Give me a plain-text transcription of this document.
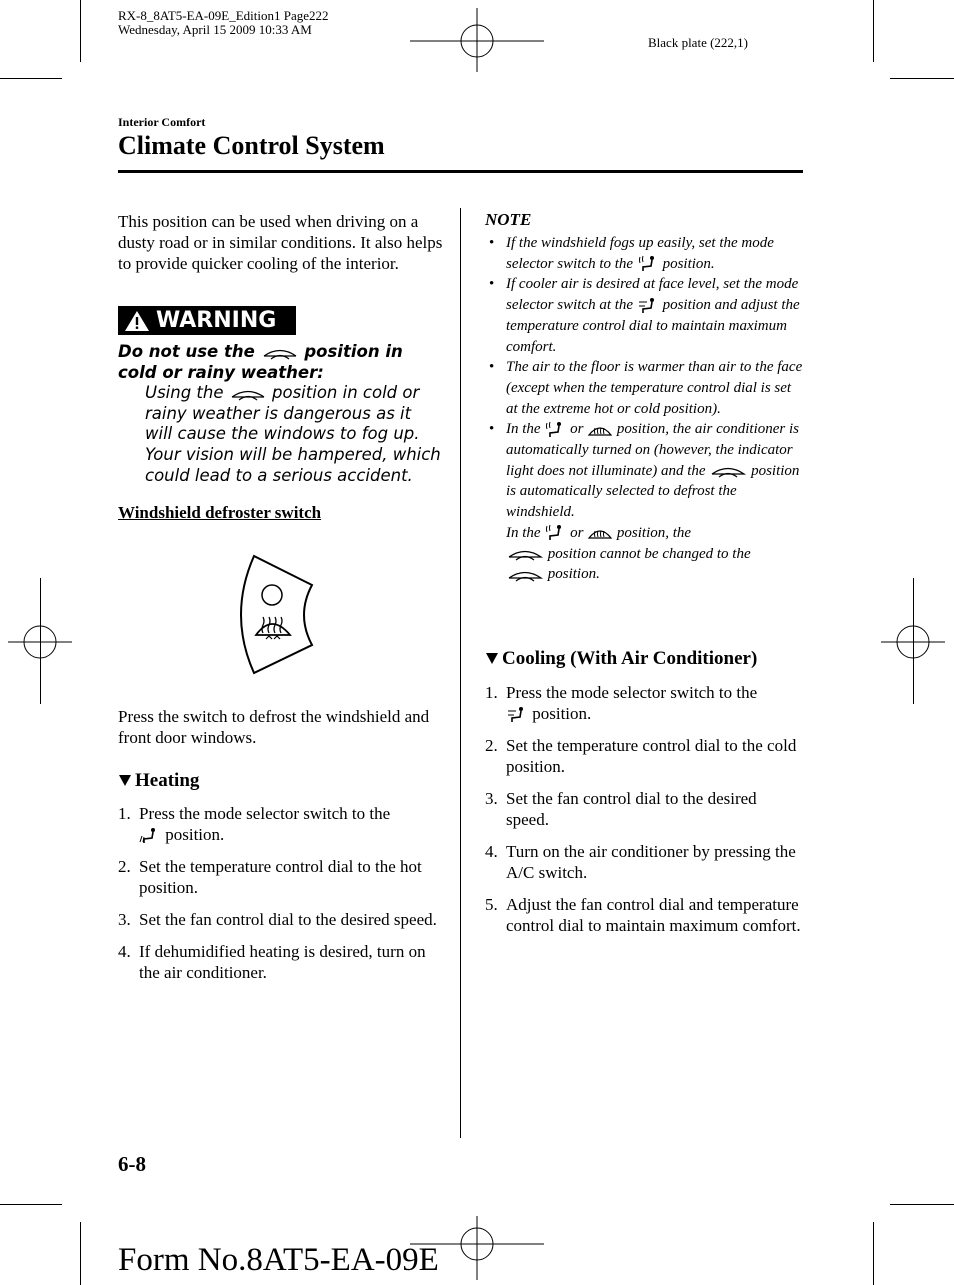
RX-8_8AT5-EA-09E_Edition1 Page222
Wednesday, April 15 2009 10:33 AM
Black plate (222,1)
Interior Comfort
Climate Control System
This position can be used when driving on a dusty road or in similar conditions. It also helps to provide quicker cooling of the interior.
WARNING
Do not use the	position in cold or rainy weather:
Using the	position in cold or rainy weather is dangerous as it will cause the windows to fog up. Your vision will be hampered, which could lead to a serious accident.
Windshield defroster switch
Press the switch to defrost the windshield and front door windows.
Heating
1. Press the mode selector switch to the
position.
2. Set the temperature control dial to the hot position.
3. Set the fan control dial to the desired speed.
4. If dehumidified heating is desired, turn on the air conditioner.
NOTE
• If the windshield fogs up easily, set the mode selector switch to the position.
• If cooler air is desired at face level, set the mode selector switch at the position and adjust the temperature control dial to maintain maximum comfort.
• The air to the floor is warmer than air to the face (except when the temperature control dial is set at the extreme hot or cold position).
• In the or position, the air conditioner is automatically turned on (however, the indicator light does not illuminate) and the	position is automatically selected to defrost the windshield.
In the or position, the
position cannot be changed to the
position.
Cooling (With Air Conditioner)
1. Press the mode selector switch to the
position.
2. Set the temperature control dial to the cold position.
3. Set the fan control dial to the desired speed.
4. Turn on the air conditioner by pressing the A/C switch.
5. Adjust the fan control dial and temperature control dial to maintain maximum comfort.
6-8
Form No.8AT5-EA-09E
